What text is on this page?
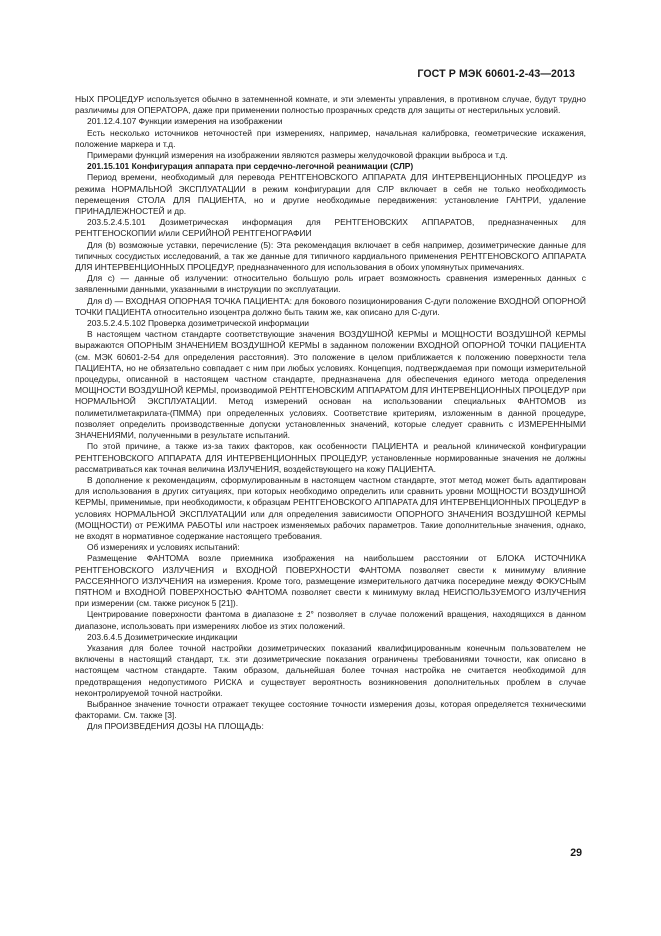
ГОСТ Р МЭК 60601-2-43—2013

НЫХ ПРОЦЕДУР используется обычно в затемненной комнате, и эти элементы управления, в противном случае, будут трудно различимы для ОПЕРАТОРА, даже при применении полностью прозрачных средств для защиты от нестерильных условий.

201.12.4.107 Функции измерения на изображении

Есть несколько источников неточностей при измерениях, например, начальная калибровка, геометрические искажения, положение маркера и т.д.

Примерами функций измерения на изображении являются размеры желудочковой фракции выброса и т.д.

201.15.101 Конфигурация аппарата при сердечно-легочной реанимации (СЛР)

Период времени, необходимый для перевода РЕНТГЕНОВСКОГО АППАРАТА ДЛЯ ИНТЕРВЕНЦИОННЫХ ПРОЦЕДУР из режима НОРМАЛЬНОЙ ЭКСПЛУАТАЦИИ в режим конфигурации для СЛР включает в себя не только необходимость перемещения СТОЛА ДЛЯ ПАЦИЕНТА, но и другие необходимые передвижения: установление ГАНТРИ, удаление ПРИНАДЛЕЖНОСТЕЙ и др.

203.5.2.4.5.101 Дозиметрическая информация для РЕНТГЕНОВСКИХ АППАРАТОВ, предназначенных для РЕНТГЕНОСКОПИИ и/или СЕРИЙНОЙ РЕНТГЕНОГРАФИИ

Для (b) возможные уставки, перечисление (5): Эта рекомендация включает в себя например, дозиметрические данные для типичных сосудистых исследований, а так же данные для типичного кардиального применения РЕНТГЕНОВСКОГО АППАРАТА ДЛЯ ИНТЕРВЕНЦИОННЫХ ПРОЦЕДУР, предназначенного для использования в обоих упомянутых примечаниях.

Для с) — данные об излучении: относительно большую роль играет возможность сравнения измеренных данных с заявленными данными, указанными в инструкции по эксплуатации.

Для d) — ВХОДНАЯ ОПОРНАЯ ТОЧКА ПАЦИЕНТА: для бокового позиционирования С-дуги положение ВХОДНОЙ ОПОРНОЙ ТОЧКИ ПАЦИЕНТА относительно изоцентра должно быть таким же, как описано для С-дуги.

203.5.2.4.5.102 Проверка дозиметрической информации

В настоящем частном стандарте соответствующие значения ВОЗДУШНОЙ КЕРМЫ и МОЩНОСТИ ВОЗДУШНОЙ КЕРМЫ выражаются ОПОРНЫМ ЗНАЧЕНИЕМ ВОЗДУШНОЙ КЕРМЫ в заданном положении ВХОДНОЙ ОПОРНОЙ ТОЧКИ ПАЦИЕНТА (см. МЭК 60601-2-54 для определения расстояния). Это положение в целом приближается к положению поверхности тела ПАЦИЕНТА, но не обязательно совпадает с ним при любых условиях. Концепция, подтверждаемая при помощи измерительной процедуры, описанной в настоящем частном стандарте, предназначена для обеспечения единого метода определения МОЩНОСТИ ВОЗДУШНОЙ КЕРМЫ, производимой РЕНТГЕНОВСКИМ АППАРАТОМ ДЛЯ ИНТЕРВЕНЦИОННЫХ ПРОЦЕДУР при НОРМАЛЬНОЙ ЭКСПЛУАТАЦИИ. Метод измерений основан на использовании специальных ФАНТОМОВ из полиметилметакрилата-(ПММА) при определенных условиях. Соответствие критериям, изложенным в данной процедуре, позволяет определить производственные допуски установленных значений, которые следует сравнить с ИЗМЕРЕННЫМИ ЗНАЧЕНИЯМИ, полученными в результате испытаний.

По этой причине, а также из-за таких факторов, как особенности ПАЦИЕНТА и реальной клинической конфигурации РЕНТГЕНОВСКОГО АППАРАТА ДЛЯ ИНТЕРВЕНЦИОННЫХ ПРОЦЕДУР, установленные нормированные значения не должны рассматриваться как точная величина ИЗЛУЧЕНИЯ, воздействующего на кожу ПАЦИЕНТА.

В дополнение к рекомендациям, сформулированным в настоящем частном стандарте, этот метод может быть адаптирован для использования в других ситуациях, при которых необходимо определить или сравнить уровни МОЩНОСТИ ВОЗДУШНОЙ КЕРМЫ, применимые, при необходимости, к образцам РЕНТГЕНОВСКОГО АППАРАТА ДЛЯ ИНТЕРВЕНЦИОННЫХ ПРОЦЕДУР в условиях НОРМАЛЬНОЙ ЭКСПЛУАТАЦИИ или для определения зависимости ОПОРНОГО ЗНАЧЕНИЯ ВОЗДУШНОЙ КЕРМЫ (МОЩНОСТИ) от РЕЖИМА РАБОТЫ или настроек изменяемых рабочих параметров. Такие дополнительные значения, однако, не входят в нормативное содержание настоящего требования.

Об измерениях и условиях испытаний:

Размещение ФАНТОМА возле приемника изображения на наибольшем расстоянии от БЛОКА ИСТОЧНИКА РЕНТГЕНОВСКОГО ИЗЛУЧЕНИЯ и ВХОДНОЙ ПОВЕРХНОСТИ ФАНТОМА позволяет свести к минимуму влияние РАССЕЯННОГО ИЗЛУЧЕНИЯ на измерения. Кроме того, размещение измерительного датчика посередине между ФОКУСНЫМ ПЯТНОМ и ВХОДНОЙ ПОВЕРХНОСТЬЮ ФАНТОМА позволяет свести к минимуму вклад НЕИСПОЛЬЗУЕМОГО ИЗЛУЧЕНИЯ при измерении (см. также рисунок 5 [21]).

Центрирование поверхности фантома в диапазоне ± 2° позволяет в случае положений вращения, находящихся в данном диапазоне, использовать при измерениях любое из этих положений.

203.6.4.5 Дозиметрические индикации

Указания для более точной настройки дозиметрических показаний квалифицированным конечным пользователем не включены в настоящий стандарт, т.к. эти дозиметрические показания ограничены требованиями точности, как описано в настоящем частном стандарте. Таким образом, дальнейшая более точная настройка не считается необходимой для предотвращения недопустимого РИСКА и существует вероятность возникновения дополнительных проблем в случае неконтролируемой точной настройки.

Выбранное значение точности отражает текущее состояние точности измерения дозы, которая определяется техническими факторами. См. также [3].

Для ПРОИЗВЕДЕНИЯ ДОЗЫ НА ПЛОЩАДЬ:

29
